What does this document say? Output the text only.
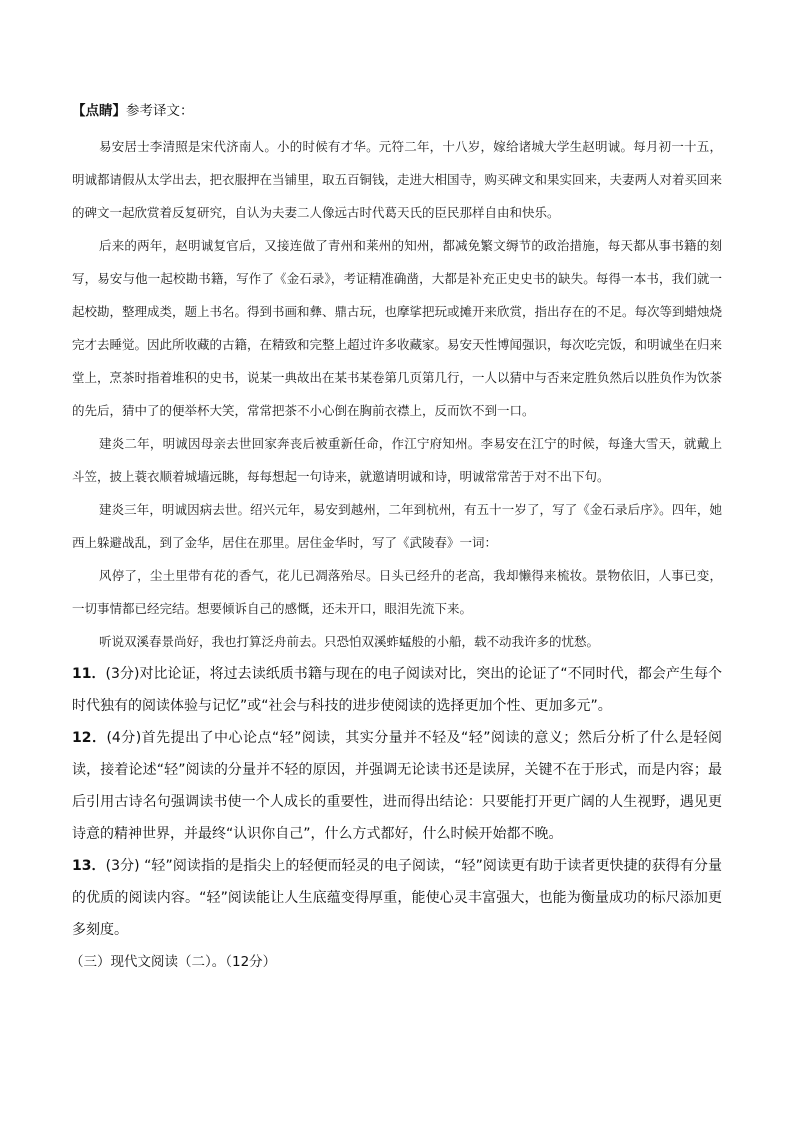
【点睛】参考译文：

易安居士李清照是宋代济南人。小的时候有才华。元符二年，十八岁，嫁给诸城大学生赵明诚。每月初一十五，明诚都请假从太学出去，把衣服押在当铺里，取五百铜钱，走进大相国寺，购买碑文和果实回来，夫妻两人对着买回来的碑文一起欣赏着反复研究，自认为夫妻二人像远古时代葛天氏的臣民那样自由和快乐。

后来的两年，赵明诚复官后，又接连做了青州和莱州的知州，都减免繁文缛节的政治措施，每天都从事书籍的刻写，易安与他一起校勘书籍，写作了《金石录》，考证精准确凿，大都是补充正史史书的缺失。每得一本书，我们就一起校勘，整理成类，题上书名。得到书画和彝、鼎古玩，也摩挲把玩或摊开来欣赏，指出存在的不足。每次等到蜡烛烧完才去睡觉。因此所收藏的古籍，在精致和完整上超过许多收藏家。易安天性博闻强识，每次吃完饭，和明诚坐在归来堂上，烹茶时指着堆积的史书，说某一典故出在某书某卷第几页第几行，一人以猜中与否来定胜负然后以胜负作为饮茶的先后，猜中了的便举杯大笑，常常把茶不小心倒在胸前衣襟上，反而饮不到一口。

建炎二年，明诚因母亲去世回家奔丧后被重新任命，作江宁府知州。李易安在江宁的时候，每逢大雪天，就戴上斗笠，披上蓑衣顺着城墙远眺，每每想起一句诗来，就邀请明诚和诗，明诚常常苦于对不出下句。

建炎三年，明诚因病去世。绍兴元年，易安到越州，二年到杭州，有五十一岁了，写了《金石录后序》。四年，她西上躲避战乱，到了金华，居住在那里。居住金华时，写了《武陵春》一词：

风停了，尘土里带有花的香气，花儿已凋落殆尽。日头已经升的老高，我却懒得来梳妆。景物依旧，人事已变，一切事情都已经完结。想要倾诉自己的感慨，还未开口，眼泪先流下来。

听说双溪春景尚好，我也打算泛舟前去。只恐怕双溪蚱蜢般的小船，载不动我许多的忧愁。

11．(3分)对比论证，将过去读纸质书籍与现在的电子阅读对比，突出的论证了“不同时代，都会产生每个时代独有的阅读体验与记忆”或“社会与科技的进步使阅读的选择更加个性、更加多元”。

12．(4分)首先提出了中心论点“轻”阅读，其实分量并不轻及“轻”阅读的意义；然后分析了什么是轻阅读，接着论述“轻”阅读的分量并不轻的原因，并强调无论读书还是读屏，关键不在于形式，而是内容；最后引用古诗名句强调读书使一个人成长的重要性，进而得出结论：只要能打开更广阔的人生视野，遇见更诗意的精神世界，并最终“认识你自己”，什么方式都好，什么时候开始都不晚。

13．(3分) “轻”阅读指的是指尖上的轻便而轻灵的电子阅读，“轻”阅读更有助于读者更快捷的获得有分量的优质的阅读内容。“轻”阅读能让人生底蕴变得厚重，能使心灵丰富强大，也能为衡量成功的标尺添加更多刻度。

（三）现代文阅读（二）。（12分）
